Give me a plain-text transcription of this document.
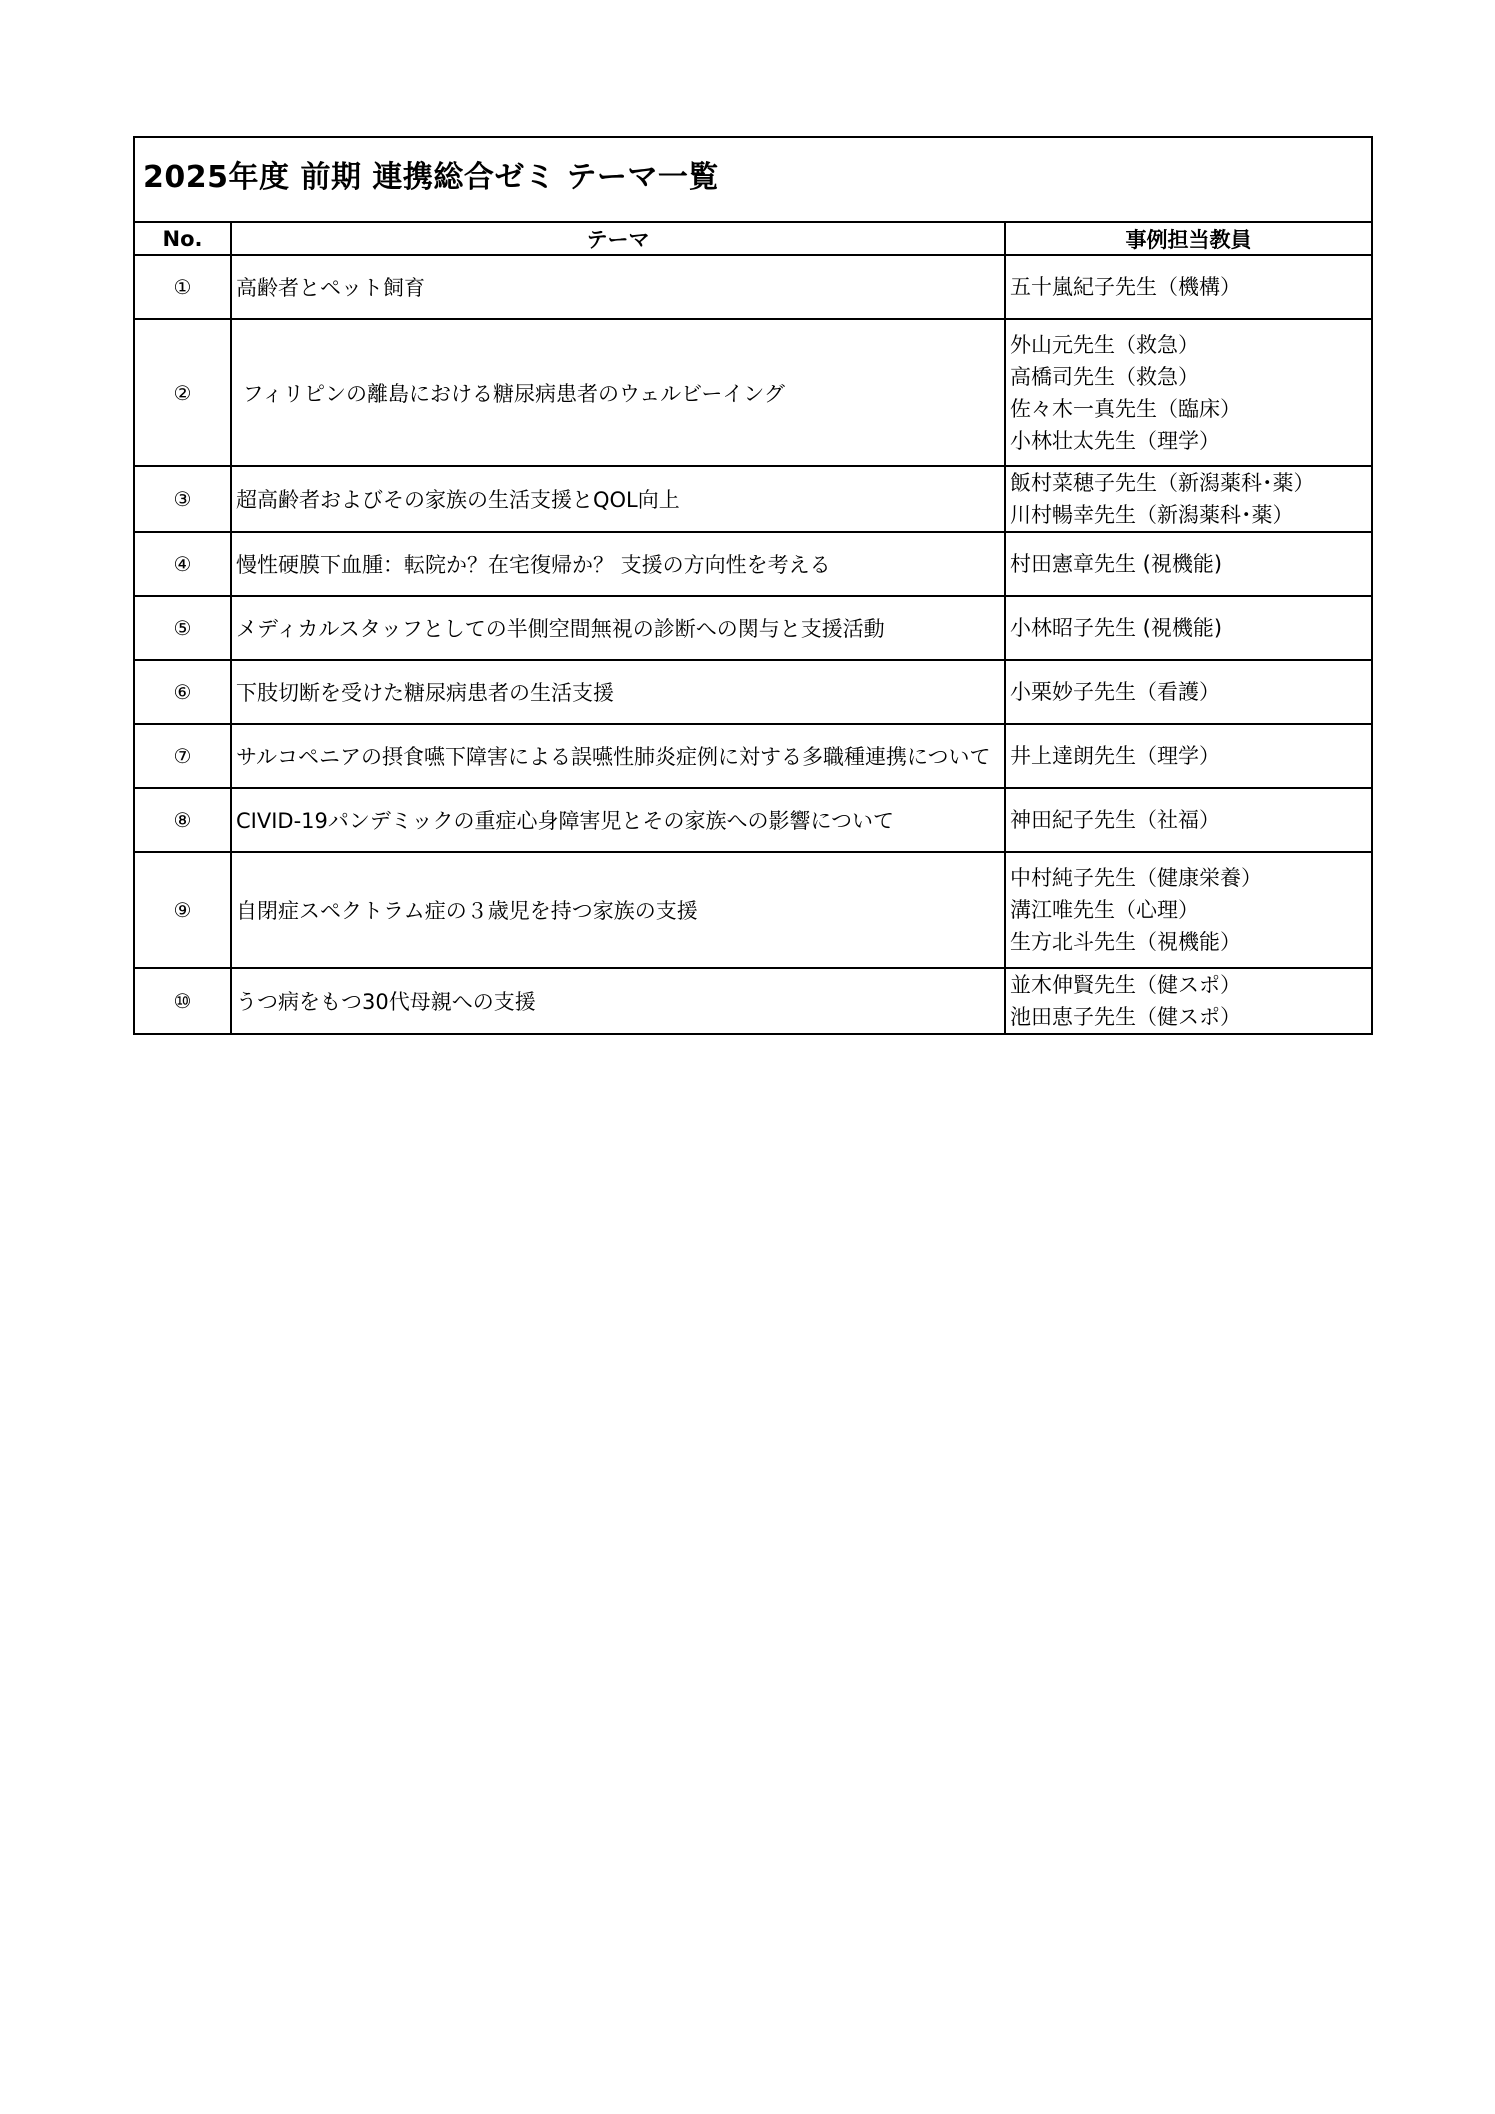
2025年度 前期 連携総合ゼミ テーマ一覧
No.	テーマ	事例担当教員
①	高齢者とペット飼育	五十嵐紀子先生（機構）

②	フィリピンの離島における糖尿病患者のウェルビーイング	外山元先生（救急）
高橋司先生（救急）
佐々木一真先生（臨床）
小林壮太先生（理学）

③	超高齢者およびその家族の生活支援とQOL向上	飯村菜穂子先生（新潟薬科･薬）
川村暢幸先生（新潟薬科･薬）

④	慢性硬膜下血腫：転院か？在宅復帰か？ 支援の方向性を考える	村田憲章先生 (視機能)

⑤	メディカルスタッフとしての半側空間無視の診断への関与と支援活動	小林昭子先生 (視機能)

⑥	下肢切断を受けた糖尿病患者の生活支援	小栗妙子先生（看護）

⑦	サルコペニアの摂食嚥下障害による誤嚥性肺炎症例に対する多職種連携について	井上達朗先生（理学）

⑧	CIVID-19パンデミックの重症心身障害児とその家族への影響について	神田紀子先生（社福）

⑨	自閉症スペクトラム症の３歳児を持つ家族の支援	中村純子先生（健康栄養）
溝江唯先生（心理）
生方北斗先生（視機能）

⑩	うつ病をもつ30代母親への支援	並木伸賢先生（健スポ）
池田恵子先生（健スポ）
